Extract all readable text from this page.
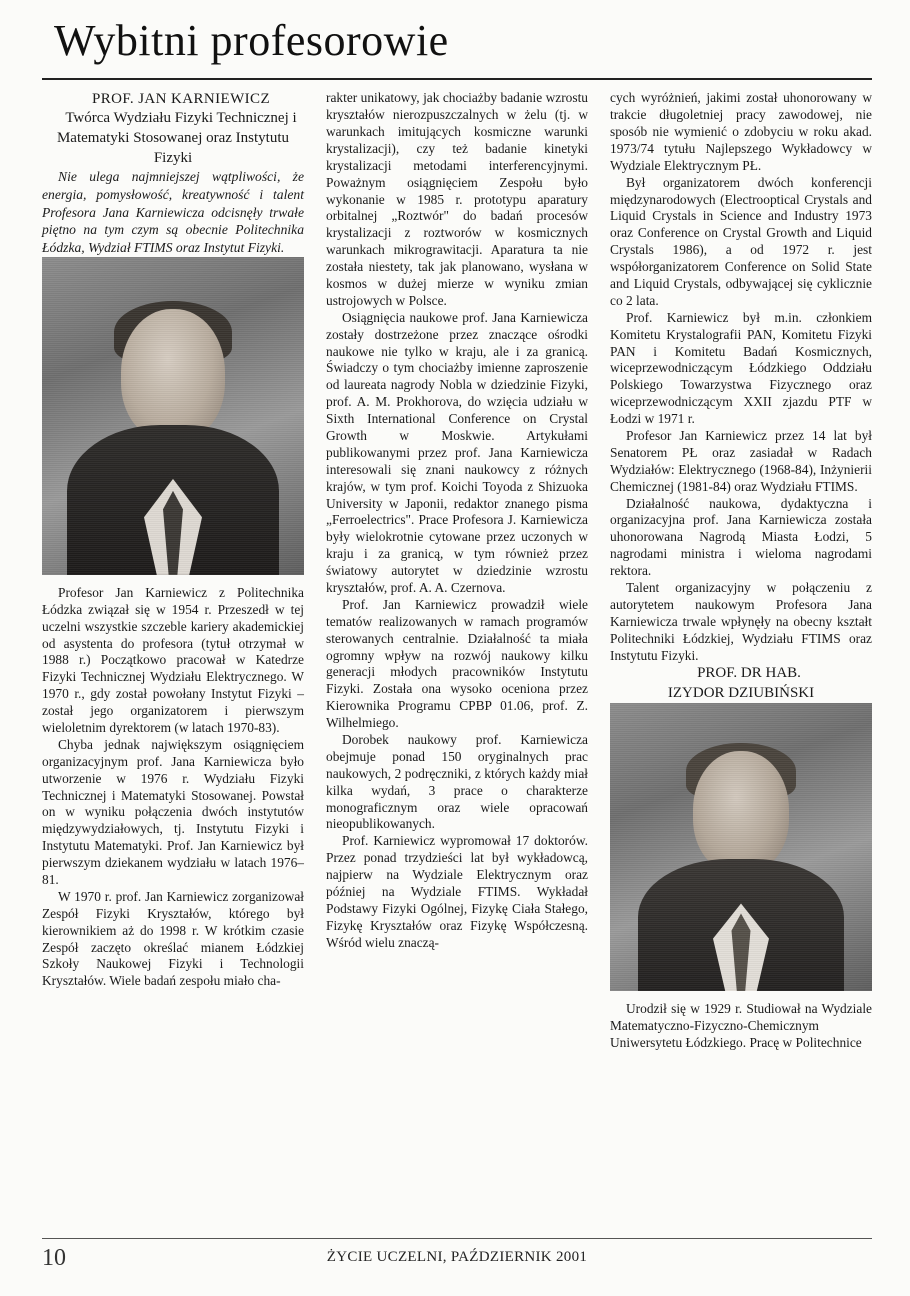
Wybitni profesorowie

PROF. JAN KARNIEWICZ

Twórca Wydziału Fizyki Technicznej i Matematyki Stosowanej oraz Instytutu Fizyki

Nie ulega najmniejszej wątpliwości, że energia, pomysłowość, kreatywność i talent Profesora Jana Karniewicza odcisnęły trwałe piętno na tym czym są obecnie Politechnika Łódzka, Wydział FTIMS oraz Instytut Fizyki.

Profesor Jan Karniewicz z Politechnika Łódzka związał się w 1954 r. Przeszedł w tej uczelni wszystkie szczeble kariery akademickiej od asystenta do profesora (tytuł otrzymał w 1988 r.) Początkowo pracował w Katedrze Fizyki Technicznej Wydziału Elektrycznego. W 1970 r., gdy został powołany Instytut Fizyki – został jego organizatorem i pierwszym wieloletnim dyrektorem (w latach 1970-83).

Chyba jednak największym osiągnięciem organizacyjnym prof. Jana Karniewicza było utworzenie w 1976 r. Wydziału Fizyki Technicznej i Matematyki Stosowanej. Powstał on w wyniku połączenia dwóch instytutów międzywydziałowych, tj. Instytutu Fizyki i Instytutu Matematyki. Prof. Jan Karniewicz był pierwszym dziekanem wydziału w latach 1976–81.

W 1970 r. prof. Jan Karniewicz zorganizował Zespół Fizyki Kryształów, którego był kierownikiem aż do 1998 r. W krótkim czasie Zespół zaczęto określać mianem Łódzkiej Szkoły Naukowej Fizyki i Technologii Kryształów. Wiele badań zespołu miało cha-

rakter unikatowy, jak chociażby badanie wzrostu kryształów nierozpuszczalnych w żelu (tj. w warunkach imitujących kosmiczne warunki krystalizacji), czy też badanie kinetyki krystalizacji metodami interferencyjnymi. Poważnym osiągnięciem Zespołu było wykonanie w 1985 r. prototypu aparatury orbitalnej „Roztwór" do badań procesów krystalizacji z roztworów w kosmicznych warunkach mikrograwitacji. Aparatura ta nie została niestety, tak jak planowano, wysłana w kosmos w dużej mierze w wyniku zmian ustrojowych w Polsce.

Osiągnięcia naukowe prof. Jana Karniewicza zostały dostrzeżone przez znaczące ośrodki naukowe nie tylko w kraju, ale i za granicą. Świadczy o tym chociażby imienne zaproszenie od laureata nagrody Nobla w dziedzinie Fizyki, prof. A. M. Prokhorova, do wzięcia udziału w Sixth International Conference on Crystal Growth w Moskwie. Artykułami publikowanymi przez prof. Jana Karniewicza interesowali się znani naukowcy z różnych krajów, w tym prof. Koichi Toyoda z Shizuoka University w Japonii, redaktor znanego pisma „Ferroelectrics". Prace Profesora J. Karniewicza były wielokrotnie cytowane przez uczonych w kraju i za granicą, w tym również przez światowy autorytet w dziedzinie wzrostu kryształów, prof. A. A. Czernova.

Prof. Jan Karniewicz prowadził wiele tematów realizowanych w ramach programów sterowanych centralnie. Działalność ta miała ogromny wpływ na rozwój naukowy kilku generacji młodych pracowników Instytutu Fizyki. Została ona wysoko oceniona przez Kierownika Programu CPBP 01.06, prof. Z. Wilhelmiego.

Dorobek naukowy prof. Karniewicza obejmuje ponad 150 oryginalnych prac naukowych, 2 podręczniki, z których każdy miał kilka wydań, 3 prace o charakterze monograficznym oraz wiele opracowań nieopublikowanych.

Prof. Karniewicz wypromował 17 doktorów. Przez ponad trzydzieści lat był wykładowcą, najpierw na Wydziale Elektrycznym oraz później na Wydziale FTIMS. Wykładał Podstawy Fizyki Ogólnej, Fizykę Ciała Stałego, Fizykę Kryształów oraz Fizykę Współczesną. Wśród wielu znaczą-

cych wyróżnień, jakimi został uhonorowany w trakcie długoletniej pracy zawodowej, nie sposób nie wymienić o zdobyciu w roku akad. 1973/74 tytułu Najlepszego Wykładowcy w Wydziale Elektrycznym PŁ.

Był organizatorem dwóch konferencji międzynarodowych (Electrooptical Crystals and Liquid Crystals in Science and Industry 1973 oraz Conference on Crystal Growth and Liquid Crystals 1986), a od 1972 r. jest współorganizatorem Conference on Solid State and Liquid Crystals, odbywającej się cyklicznie co 2 lata.

Prof. Karniewicz był m.in. członkiem Komitetu Krystalografii PAN, Komitetu Fizyki PAN i Komitetu Badań Kosmicznych, wiceprzewodniczącym Łódzkiego Oddziału Polskiego Towarzystwa Fizycznego oraz wiceprzewodniczącym XXII zjazdu PTF w Łodzi w 1971 r.

Profesor Jan Karniewicz przez 14 lat był Senatorem PŁ oraz zasiadał w Radach Wydziałów: Elektrycznego (1968-84), Inżynierii Chemicznej (1981-84) oraz Wydziału FTIMS.

Działalność naukowa, dydaktyczna i organizacyjna prof. Jana Karniewicza została uhonorowana Nagrodą Miasta Łodzi, 5 nagrodami ministra i wieloma nagrodami rektora.

Talent organizacyjny w połączeniu z autorytetem naukowym Profesora Jana Karniewicza trwale wpłynęły na obecny kształt Politechniki Łódzkiej, Wydziału FTIMS oraz Instytutu Fizyki.

PROF. DR HAB.
IZYDOR DZIUBIŃSKI

Urodził się w 1929 r. Studiował na Wydziale Matematyczno-Fizyczno-Chemicznym Uniwersytetu Łódzkiego. Pracę w Politechnice

10	ŻYCIE UCZELNI, PAŹDZIERNIK 2001
